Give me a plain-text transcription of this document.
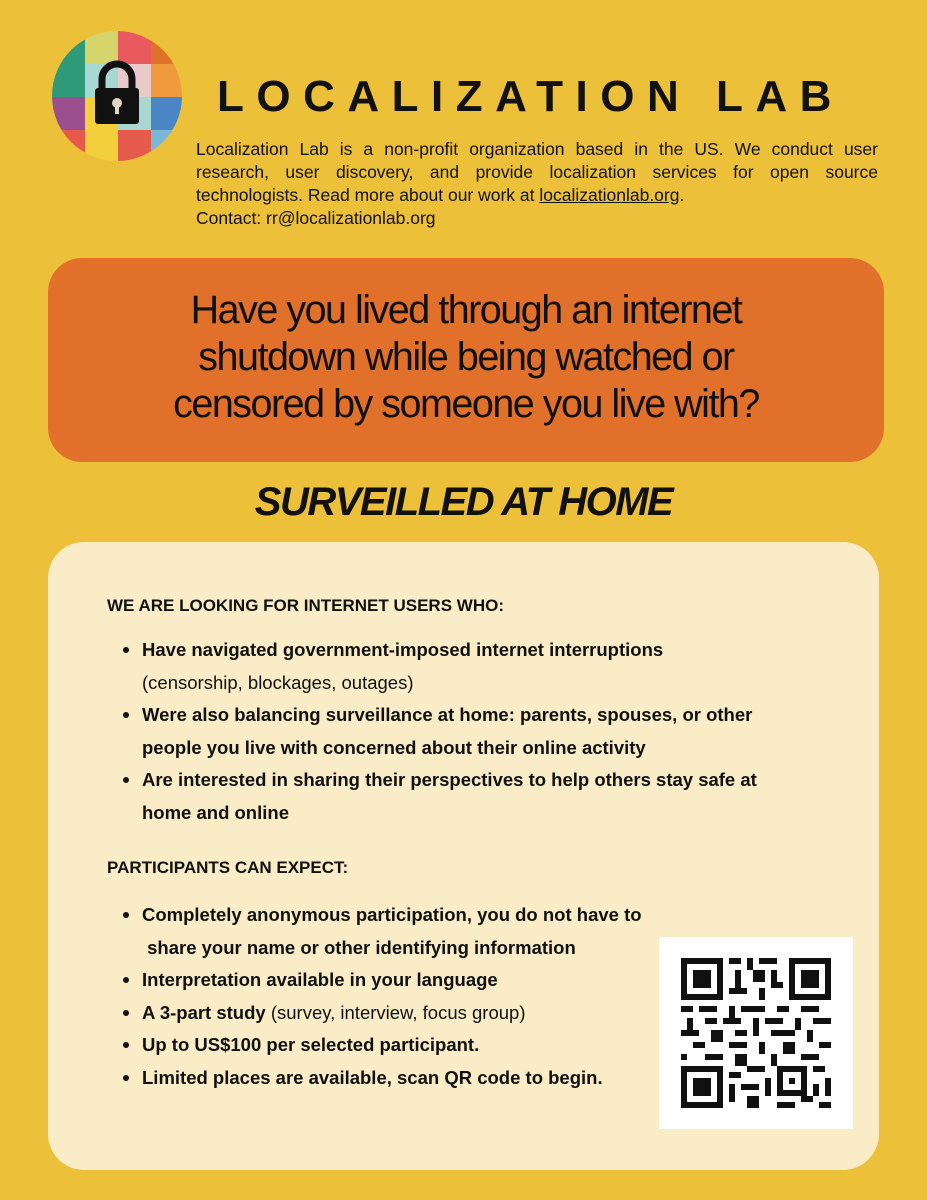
LOCALIZATION LAB
Localization Lab is a non-profit organization based in the US. We conduct user research, user discovery, and provide localization services for open source technologists. Read more about our work at localizationlab.org.
Contact: rr@localizationlab.org
Have you lived through an internet
shutdown while being watched or
censored by someone you live with?
SURVEILLED AT HOME
WE ARE LOOKING FOR INTERNET USERS WHO:
Have navigated government-imposed internet interruptions
(censorship, blockages, outages)
Were also balancing surveillance at home: parents, spouses, or other
people you live with concerned about their online activity
Are interested in sharing their perspectives to help others stay safe at
home and online
PARTICIPANTS CAN EXPECT:
Completely anonymous participation, you do not have to
share your name or other identifying information
Interpretation available in your language
A 3-part study (survey, interview, focus group)
Up to US$100 per selected participant.
Limited places are available, scan QR code to begin.
